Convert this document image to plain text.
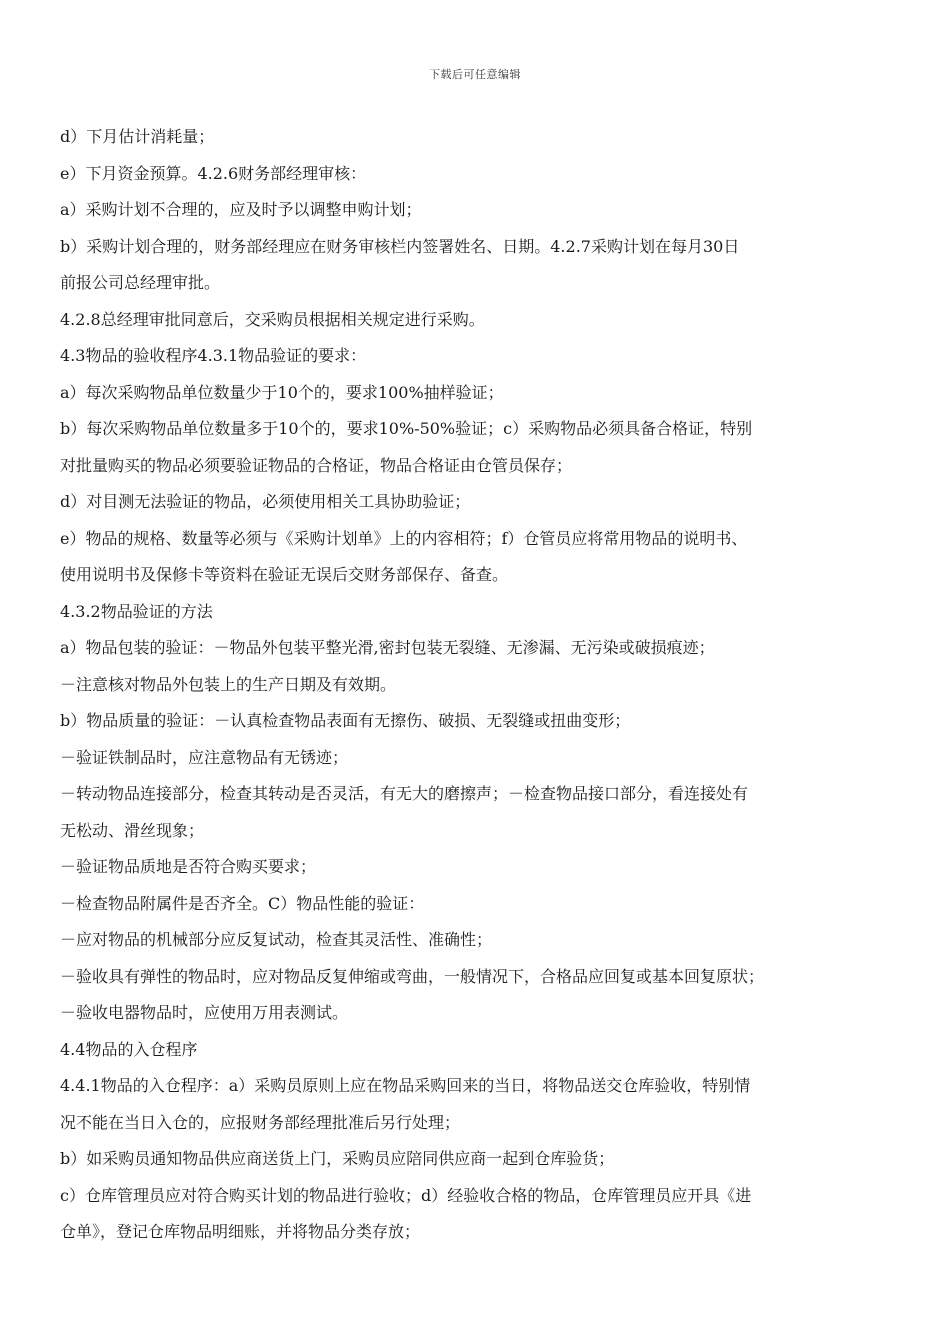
下载后可任意编辑
d）下月估计消耗量；
e）下月资金预算。4.2.6财务部经理审核：
a）采购计划不合理的，应及时予以调整申购计划；
b）采购计划合理的，财务部经理应在财务审核栏内签署姓名、日期。4.2.7采购计划在每月30日
前报公司总经理审批。
4.2.8总经理审批同意后，交采购员根据相关规定进行采购。
4.3物品的验收程序4.3.1物品验证的要求：
a）每次采购物品单位数量少于10个的，要求100%抽样验证；
b）每次采购物品单位数量多于10个的，要求10%-50%验证；c）采购物品必须具备合格证，特别
对批量购买的物品必须要验证物品的合格证，物品合格证由仓管员保存；
d）对目测无法验证的物品，必须使用相关工具协助验证；
e）物品的规格、数量等必须与《采购计划单》上的内容相符；f）仓管员应将常用物品的说明书、
使用说明书及保修卡等资料在验证无误后交财务部保存、备查。
4.3.2物品验证的方法
a）物品包装的验证：－物品外包装平整光滑,密封包装无裂缝、无渗漏、无污染或破损痕迹；
－注意核对物品外包装上的生产日期及有效期。
b）物品质量的验证：－认真检查物品表面有无擦伤、破损、无裂缝或扭曲变形；
－验证铁制品时，应注意物品有无锈迹；
－转动物品连接部分，检查其转动是否灵活，有无大的磨擦声；－检查物品接口部分，看连接处有
无松动、滑丝现象；
－验证物品质地是否符合购买要求；
－检查物品附属件是否齐全。C）物品性能的验证：
－应对物品的机械部分应反复试动，检查其灵活性、准确性；
－验收具有弹性的物品时，应对物品反复伸缩或弯曲，一般情况下，合格品应回复或基本回复原状；
－验收电器物品时，应使用万用表测试。
4.4物品的入仓程序
4.4.1物品的入仓程序：a）采购员原则上应在物品采购回来的当日，将物品送交仓库验收，特别情
况不能在当日入仓的，应报财务部经理批准后另行处理；
b）如采购员通知物品供应商送货上门，采购员应陪同供应商一起到仓库验货；
c）仓库管理员应对符合购买计划的物品进行验收；d）经验收合格的物品，仓库管理员应开具《进
仓单》，登记仓库物品明细账，并将物品分类存放；
